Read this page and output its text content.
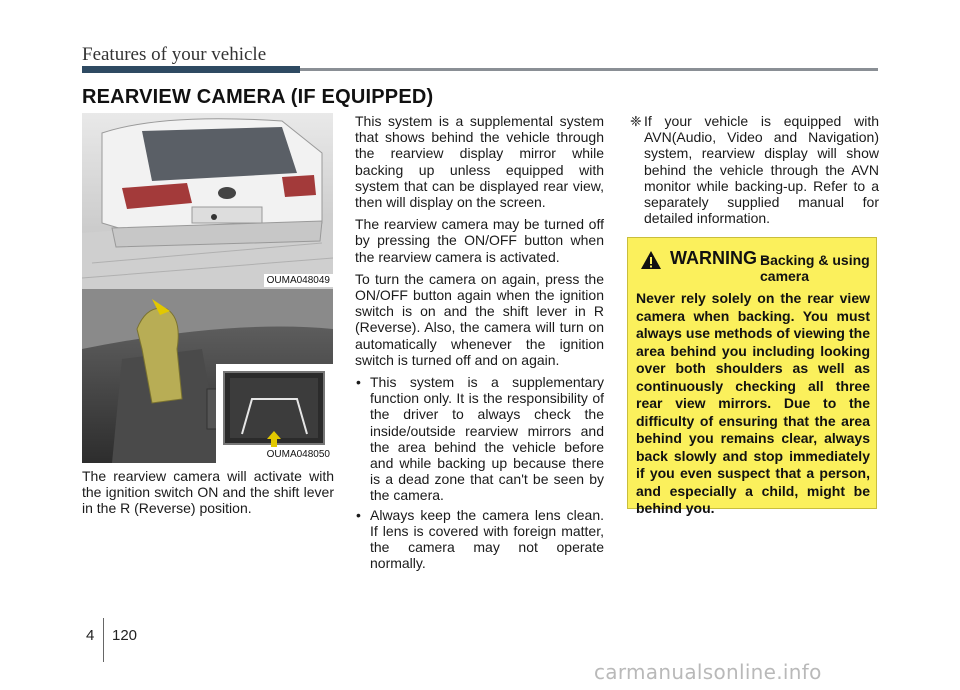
Features of your vehicle
REARVIEW CAMERA (IF EQUIPPED)
OUMA048049
OUMA048050
The rearview camera will activate with the ignition switch ON and the shift lever in the R (Reverse) position.

This system is a supplemental system that shows behind the vehicle through the rearview display mirror while backing up unless equipped with system that can be displayed rear view, then will display on the screen.

The rearview camera may be turned off by pressing the ON/OFF button when the rearview camera is activated.

To turn the camera on again, press the ON/OFF button again when the ignition switch is on and the shift lever in R (Reverse). Also, the camera will turn on automatically whenever the ignition switch is turned off and on again.

• This system is a supplementary function only. It is the responsibility of the driver to always check the inside/outside rearview mirrors and the area behind the vehicle before and while backing up because there is a dead zone that can't be seen by the camera.
• Always keep the camera lens clean. If lens is covered with foreign matter, the camera may not operate normally.
❈ If your vehicle is equipped with AVN(Audio, Video and Navigation) system, rearview display will show behind the vehicle through the AVN monitor while backing-up. Refer to a separately supplied manual for detailed information.
WARNING -
Backing & using camera
Never rely solely on the rear view camera when backing. You must always use methods of viewing the area behind you including looking over both shoulders as well as continuously checking all three rear view mirrors. Due to the difficulty of ensuring that the area behind you remains clear, always back slowly and stop immediately if you even suspect that a person, and especially a child, might be behind you.
4 120
carmanualsonline.info
